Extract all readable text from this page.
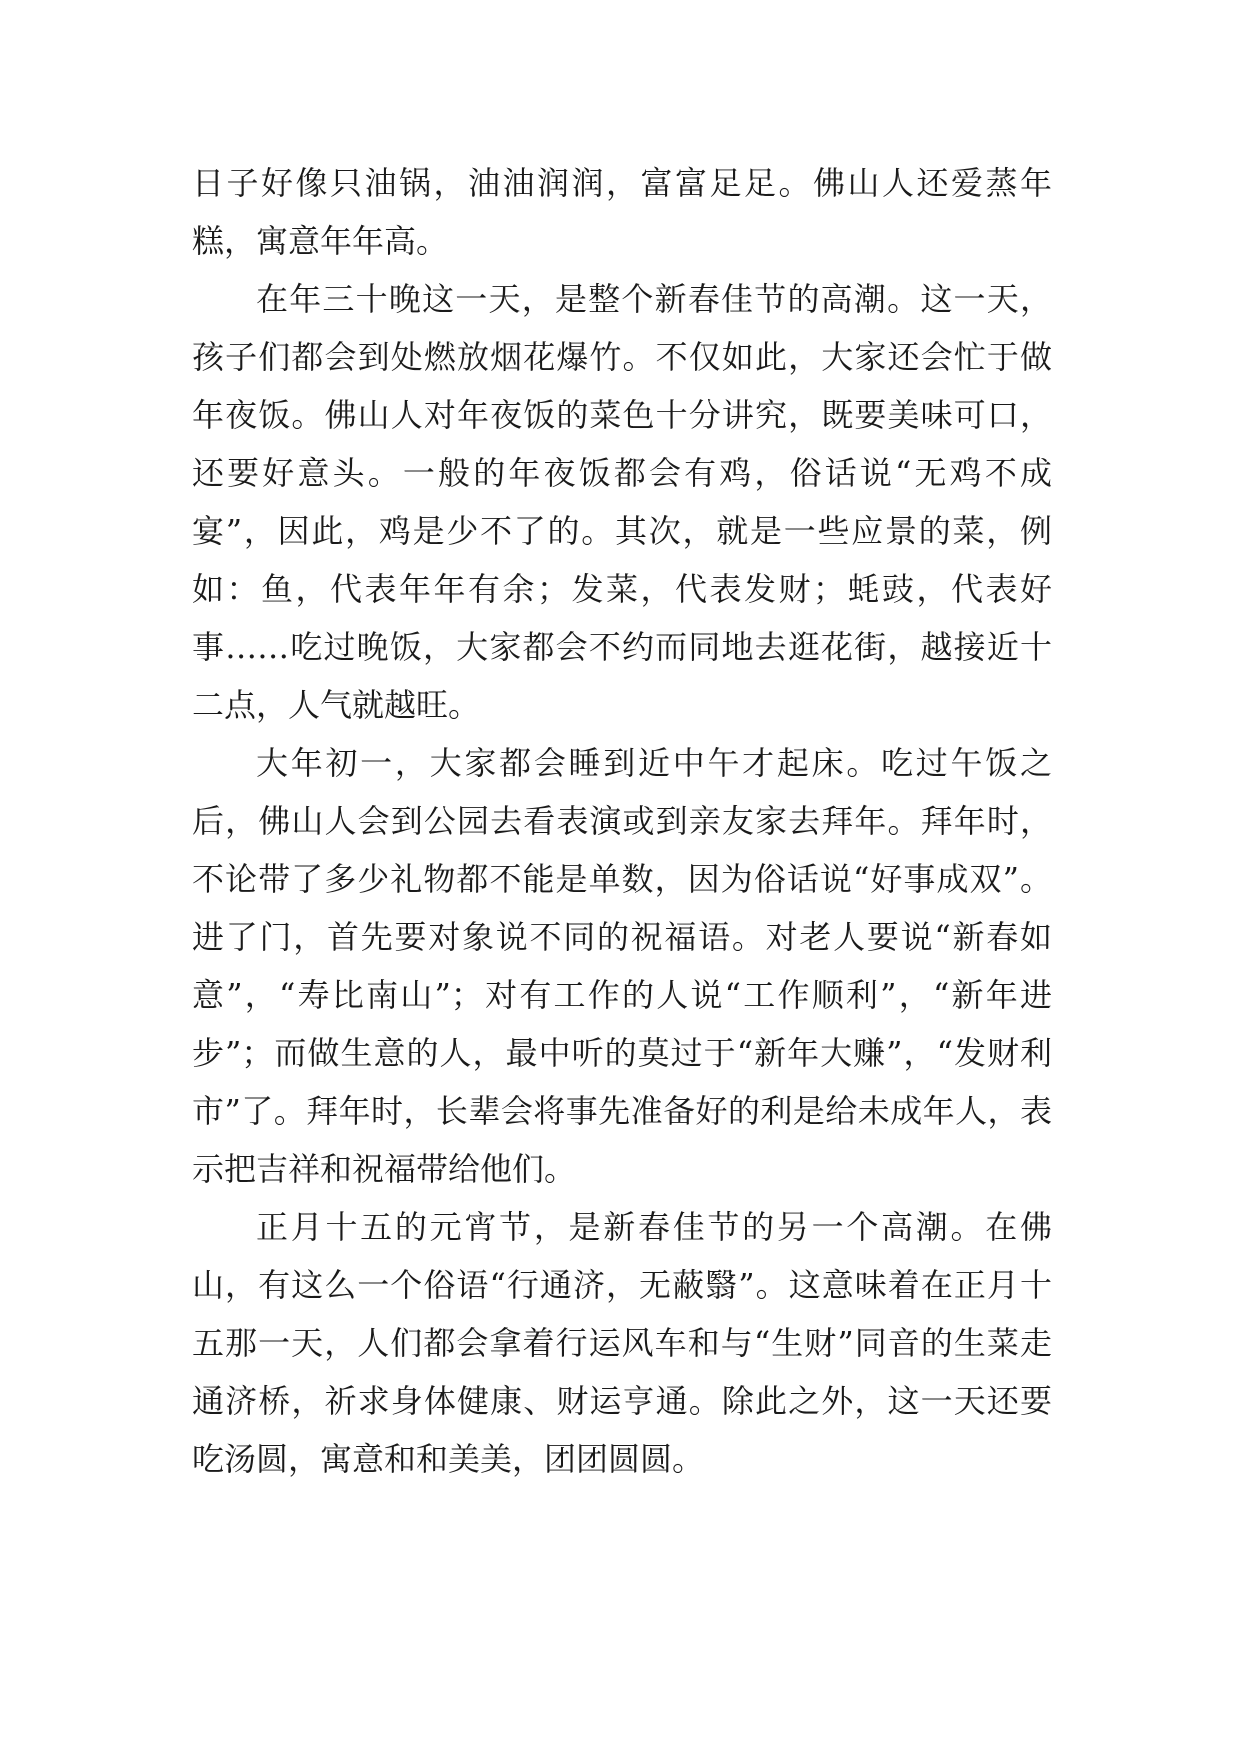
日子好像只油锅，油油润润，富富足足。佛山人还爱蒸年糕，寓意年年高。

在年三十晚这一天，是整个新春佳节的高潮。这一天，孩子们都会到处燃放烟花爆竹。不仅如此，大家还会忙于做年夜饭。佛山人对年夜饭的菜色十分讲究，既要美味可口，还要好意头。一般的年夜饭都会有鸡，俗话说“无鸡不成宴”，因此，鸡是少不了的。其次，就是一些应景的菜，例如：鱼，代表年年有余；发菜，代表发财；蚝豉，代表好事……吃过晚饭，大家都会不约而同地去逛花街，越接近十二点，人气就越旺。

大年初一，大家都会睡到近中午才起床。吃过午饭之后，佛山人会到公园去看表演或到亲友家去拜年。拜年时，不论带了多少礼物都不能是单数，因为俗话说“好事成双”。进了门，首先要对象说不同的祝福语。对老人要说“新春如意”，“寿比南山”；对有工作的人说“工作顺利”，“新年进步”；而做生意的人，最中听的莫过于“新年大赚”，“发财利市”了。拜年时，长辈会将事先准备好的利是给未成年人，表示把吉祥和祝福带给他们。

正月十五的元宵节，是新春佳节的另一个高潮。在佛山，有这么一个俗语“行通济，无蔽翳”。这意味着在正月十五那一天，人们都会拿着行运风车和与“生财”同音的生菜走通济桥，祈求身体健康、财运亨通。除此之外，这一天还要吃汤圆，寓意和和美美，团团圆圆。
